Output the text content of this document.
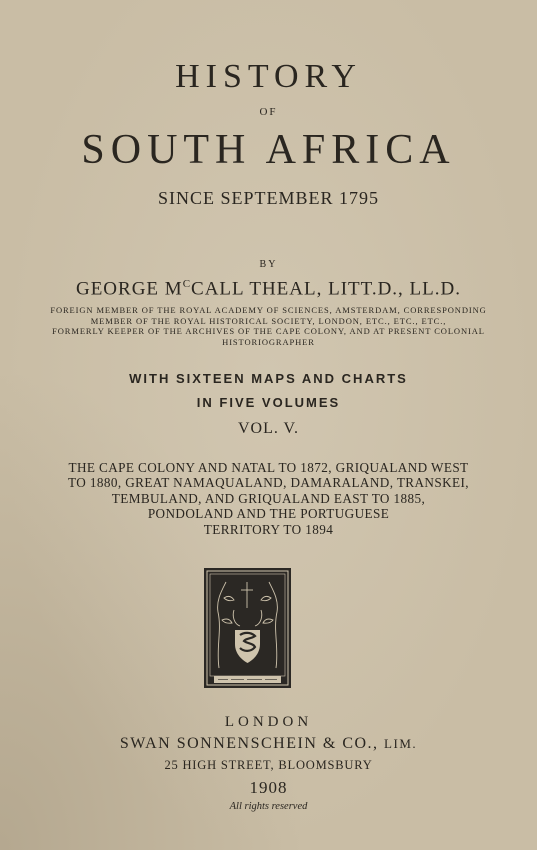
HISTORY
OF
SOUTH AFRICA
SINCE SEPTEMBER 1795
BY
GEORGE $M^CCALL$ THEAL, LITT.D., LL.D.
FOREIGN MEMBER OF THE ROYAL ACADEMY OF SCIENCES, AMSTERDAM, CORRESPONDING
MEMBER OF THE ROYAL HISTORICAL SOCIETY, LONDON, ETC., ETC., ETC.,
FORMERLY KEEPER OF THE ARCHIVES OF THE CAPE COLONY, AND AT PRESENT COLONIAL
HISTORIOGRAPHER
WITH SIXTEEN MAPS AND CHARTS
IN FIVE VOLUMES
VOL. V.
THE CAPE COLONY AND NATAL TO 1872, GRIQUALAND WEST
TO 1880, GREAT NAMAQUALAND, DAMARALAND, TRANSKEI,
TEMBULAND, AND GRIQUALAND EAST TO 1885,
PONDOLAND AND THE PORTUGUESE
TERRITORY TO 1894
LONDON
SWAN SONNENSCHEIN & CO., LIM.
25 HIGH STREET, BLOOMSBURY
1908
All rights reserved
